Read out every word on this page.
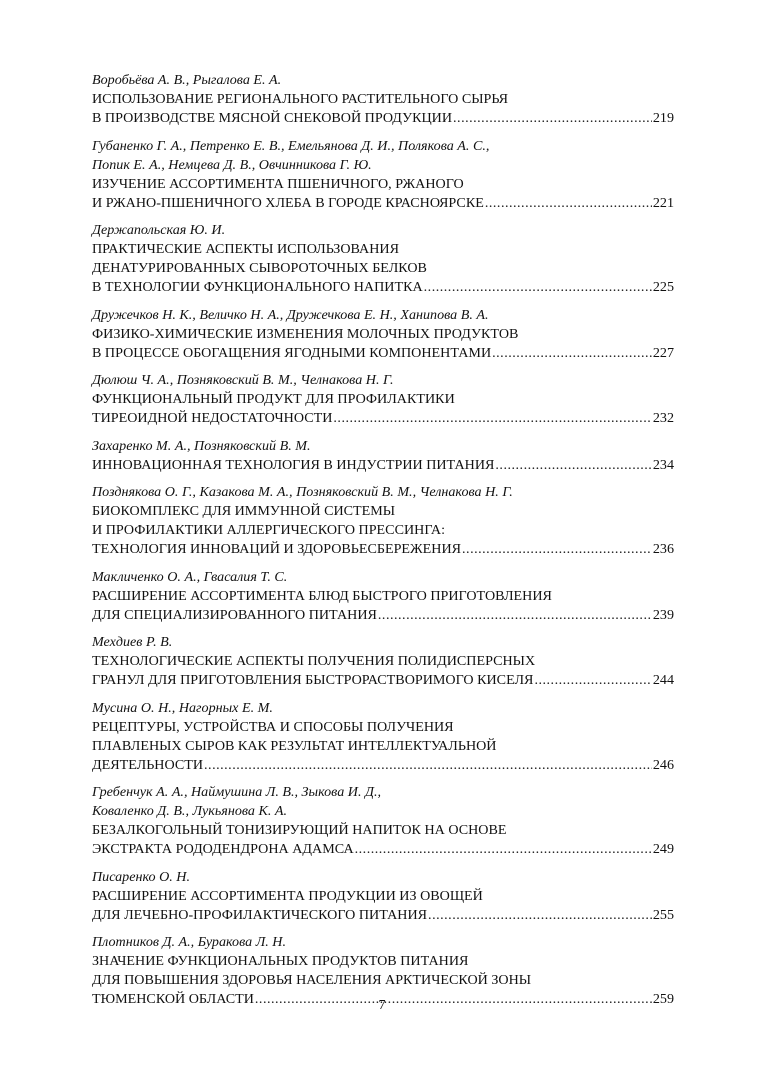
Воробьёва А. В., Рыгалова Е. А.
ИСПОЛЬЗОВАНИЕ РЕГИОНАЛЬНОГО РАСТИТЕЛЬНОГО СЫРЬЯ
В ПРОИЗВОДСТВЕ МЯСНОЙ СНЕКОВОЙ ПРОДУКЦИИ .....	219
Губаненко Г. А., Петренко Е. В., Емельянова Д. И., Полякова А. С.,
Попик Е. А., Немцева Д. В., Овчинникова Г. Ю.
ИЗУЧЕНИЕ АССОРТИМЕНТА ПШЕНИЧНОГО, РЖАНОГО
И РЖАНО-ПШЕНИЧНОГО ХЛЕБА В ГОРОДЕ КРАСНОЯРСКЕ .....	221
Держапольская Ю. И.
ПРАКТИЧЕСКИЕ АСПЕКТЫ ИСПОЛЬЗОВАНИЯ
ДЕНАТУРИРОВАННЫХ СЫВОРОТОЧНЫХ БЕЛКОВ
В ТЕХНОЛОГИИ ФУНКЦИОНАЛЬНОГО НАПИТКА .....	225
Дружечков Н. К., Величко Н. А., Дружечкова Е. Н., Ханипова В. А.
ФИЗИКО-ХИМИЧЕСКИЕ ИЗМЕНЕНИЯ МОЛОЧНЫХ ПРОДУКТОВ
В ПРОЦЕССЕ ОБОГАЩЕНИЯ ЯГОДНЫМИ КОМПОНЕНТАМИ .....	227
Дюлюш Ч. А., Позняковский В. М., Челнакова Н. Г.
ФУНКЦИОНАЛЬНЫЙ ПРОДУКТ ДЛЯ ПРОФИЛАКТИКИ
ТИРЕОИДНОЙ НЕДОСТАТОЧНОСТИ .....	232
Захаренко М. А., Позняковский В. М.
ИННОВАЦИОННАЯ ТЕХНОЛОГИЯ В ИНДУСТРИИ ПИТАНИЯ .....	234
Позднякова О. Г., Казакова М. А., Позняковский В. М., Челнакова Н. Г.
БИОКОМПЛЕКС ДЛЯ ИММУННОЙ СИСТЕМЫ
И ПРОФИЛАКТИКИ АЛЛЕРГИЧЕСКОГО ПРЕССИНГА:
ТЕХНОЛОГИЯ ИННОВАЦИЙ И ЗДОРОВЬЕСБЕРЕЖЕНИЯ .....	236
Макличенко О. А., Гвасалия Т. С.
РАСШИРЕНИЕ АССОРТИМЕНТА БЛЮД БЫСТРОГО ПРИГОТОВЛЕНИЯ
ДЛЯ СПЕЦИАЛИЗИРОВАННОГО ПИТАНИЯ .....	239
Мехдиев Р. В.
ТЕХНОЛОГИЧЕСКИЕ АСПЕКТЫ ПОЛУЧЕНИЯ ПОЛИДИСПЕРСНЫХ
ГРАНУЛ ДЛЯ ПРИГОТОВЛЕНИЯ БЫСТРОРАСТВОРИМОГО КИСЕЛЯ .....	244
Мусина О. Н., Нагорных Е. М.
РЕЦЕПТУРЫ, УСТРОЙСТВА И СПОСОБЫ ПОЛУЧЕНИЯ
ПЛАВЛЕНЫХ СЫРОВ КАК РЕЗУЛЬТАТ ИНТЕЛЛЕКТУАЛЬНОЙ
ДЕЯТЕЛЬНОСТИ .....	246
Гребенчук А. А., Наймушина Л. В., Зыкова И. Д.,
Коваленко Д. В., Лукьянова К. А.
БЕЗАЛКОГОЛЬНЫЙ ТОНИЗИРУЮЩИЙ НАПИТОК НА ОСНОВЕ
ЭКСТРАКТА РОДОДЕНДРОНА АДАМСА .....	249
Писаренко О. Н.
РАСШИРЕНИЕ АССОРТИМЕНТА ПРОДУКЦИИ ИЗ ОВОЩЕЙ
ДЛЯ ЛЕЧЕБНО-ПРОФИЛАКТИЧЕСКОГО ПИТАНИЯ .....	255
Плотников Д. А., Буракова Л. Н.
ЗНАЧЕНИЕ ФУНКЦИОНАЛЬНЫХ ПРОДУКТОВ ПИТАНИЯ
ДЛЯ ПОВЫШЕНИЯ ЗДОРОВЬЯ НАСЕЛЕНИЯ АРКТИЧЕСКОЙ ЗОНЫ
ТЮМЕНСКОЙ ОБЛАСТИ .....	259
7
